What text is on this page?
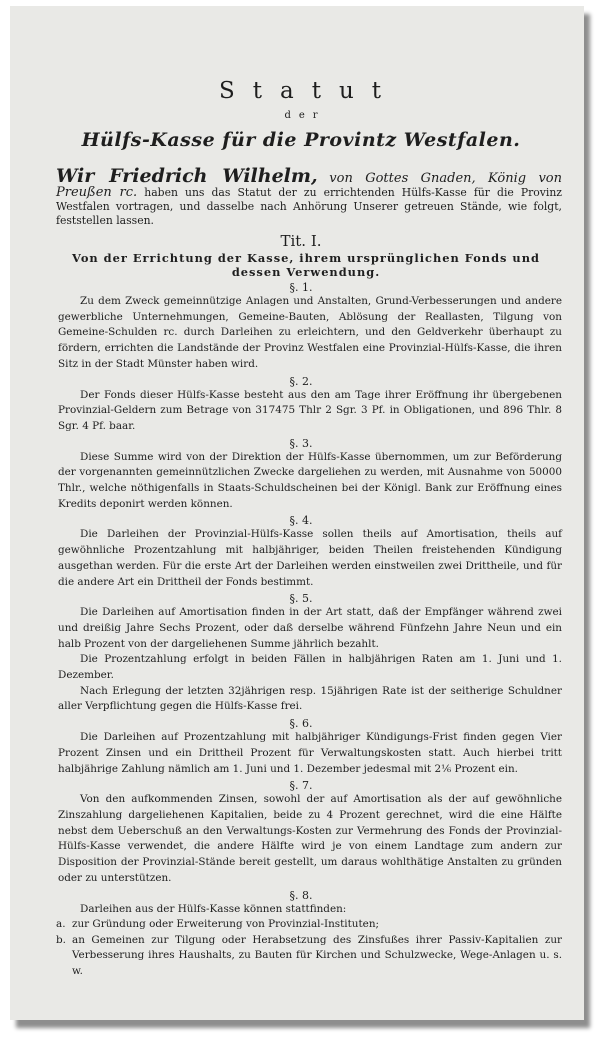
Statut
der
Hülfs-Kasse für die Provintz Westfalen.
Wir Friedrich Wilhelm, von Gottes Gnaden, König von Preußen rc. haben uns das Statut der zu errichtenden Hülfs-Kasse für die Provinz Westfalen vortragen, und dasselbe nach Anhörung Unserer getreuen Stände, wie folgt, feststellen lassen.
Tit. I.
Von der Errichtung der Kasse, ihrem ursprünglichen Fonds und dessen Verwendung.
§. 1.

Zu dem Zweck gemeinnützige Anlagen und Anstalten, Grund-Verbesserungen und andere gewerbliche Unternehmungen, Gemeine-Bauten, Ablösung der Reallasten, Tilgung von Gemeine-Schulden rc. durch Darleihen zu erleichtern, und den Geldverkehr überhaupt zu fördern, errichten die Landstände der Provinz Westfalen eine Provinzial-Hülfs-Kasse, die ihren Sitz in der Stadt Münster haben wird.

§. 2.

Der Fonds dieser Hülfs-Kasse besteht aus den am Tage ihrer Eröffnung ihr übergebenen Provinzial-Geldern zum Betrage von 317475 Thlr 2 Sgr. 3 Pf. in Obligationen, und 896 Thlr. 8 Sgr. 4 Pf. baar.

§. 3.

Diese Summe wird von der Direktion der Hülfs-Kasse übernommen, um zur Beförderung der vorgenannten gemeinnützlichen Zwecke dargeliehen zu werden, mit Ausnahme von 50000 Thlr., welche nöthigenfalls in Staats-Schuldscheinen bei der Königl. Bank zur Eröffnung eines Kredits deponirt werden können.

§. 4.

Die Darleihen der Provinzial-Hülfs-Kasse sollen theils auf Amortisation, theils auf gewöhnliche Prozentzahlung mit halbjähriger, beiden Theilen freistehenden Kündigung ausgethan werden. Für die erste Art der Darleihen werden einstweilen zwei Drittheile, und für die andere Art ein Drittheil der Fonds bestimmt.

§. 5.

Die Darleihen auf Amortisation finden in der Art statt, daß der Empfänger während zwei und dreißig Jahre Sechs Prozent, oder daß derselbe während Fünfzehn Jahre Neun und ein halb Prozent von der dargeliehenen Summe jährlich bezahlt.

Die Prozentzahlung erfolgt in beiden Fällen in halbjährigen Raten am 1. Juni und 1. Dezember.

Nach Erlegung der letzten 32jährigen resp. 15jährigen Rate ist der seitherige Schuldner aller Verpflichtung gegen die Hülfs-Kasse frei.

§. 6.

Die Darleihen auf Prozentzahlung mit halbjähriger Kündigungs-Frist finden gegen Vier Prozent Zinsen und ein Drittheil Prozent für Verwaltungskosten statt. Auch hierbei tritt halbjährige Zahlung nämlich am 1. Juni und 1. Dezember jedesmal mit 2⅙ Prozent ein.

§. 7.

Von den aufkommenden Zinsen, sowohl der auf Amortisation als der auf gewöhnliche Zinszahlung dargeliehenen Kapitalien, beide zu 4 Prozent gerechnet, wird die eine Hälfte nebst dem Ueberschuß an den Verwaltungs-Kosten zur Vermehrung des Fonds der Provinzial-Hülfs-Kasse verwendet, die andere Hälfte wird je von einem Landtage zum andern zur Disposition der Provinzial-Stände bereit gestellt, um daraus wohlthätige Anstalten zu gründen oder zu unterstützen.

§. 8.

Darleihen aus der Hülfs-Kasse können stattfinden:

a. zur Gründung oder Erweiterung von Provinzial-Instituten;
b. an Gemeinen zur Tilgung oder Herabsetzung des Zinsfußes ihrer Passiv-Kapitalien zur Verbesserung ihres Haushalts, zu Bauten für Kirchen und Schulzwecke, Wege-Anlagen u. s. w.
